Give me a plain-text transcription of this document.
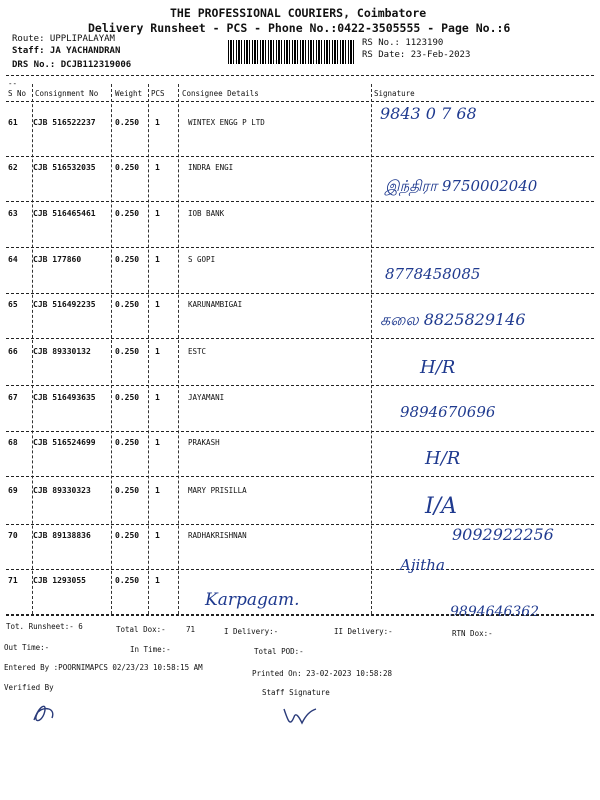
THE PROFESSIONAL COURIERS, Coimbatore
Delivery Runsheet - PCS - Phone No.:0422-3505555 - Page No.:6
Route: UPPLIPALAYAM
Staff: JA YACHANDRAN
DRS No.: DCJB112319006
RS No.: 1123190
RS Date: 23-Feb-2023
--
S No Consignment No Weight PCS Consignee Details	Signature
61 CJB 516522237 0.250 1	WINTEX ENGG P LTD	9843 0 7 68
62 CJB 516532035 0.250 1	INDRA ENGI
இந்திரா 9750002040
63 CJB 516465461 0.250 1	IOB BANK
64 CJB 177860	0.250 1	S GOPI
8778458085
65 CJB 516492235 0.250 1	KARUNAMBIGAI
கலை 8825829146
66 CJB 89330132	0.250 1	ESTC
H/R
67 CJB 516493635 0.250 1	JAYAMANI
9894670696
68 CJB 516524699 0.250 1	PRAKASH
H/R
69 CJB 89330323	0.250 1	MARY PRISILLA
I/A
70 CJB 89138836	0.250 1	RADHAKRISHNAN	9092922256
71 CJB 1293055	0.250 1
Ajitha
Karpagam.
9894646362
Tot. Runsheet:- 6	Total Dox:-	71	I Delivery:-	II Delivery:-	RTN Dox:-
Out Time:-	In Time:-	Total POD:-
Entered By :POORNIMAPCS 02/23/23 10:58:15 AM
Printed On: 23-02-2023 10:58:28
Verified By
Staff Signature
